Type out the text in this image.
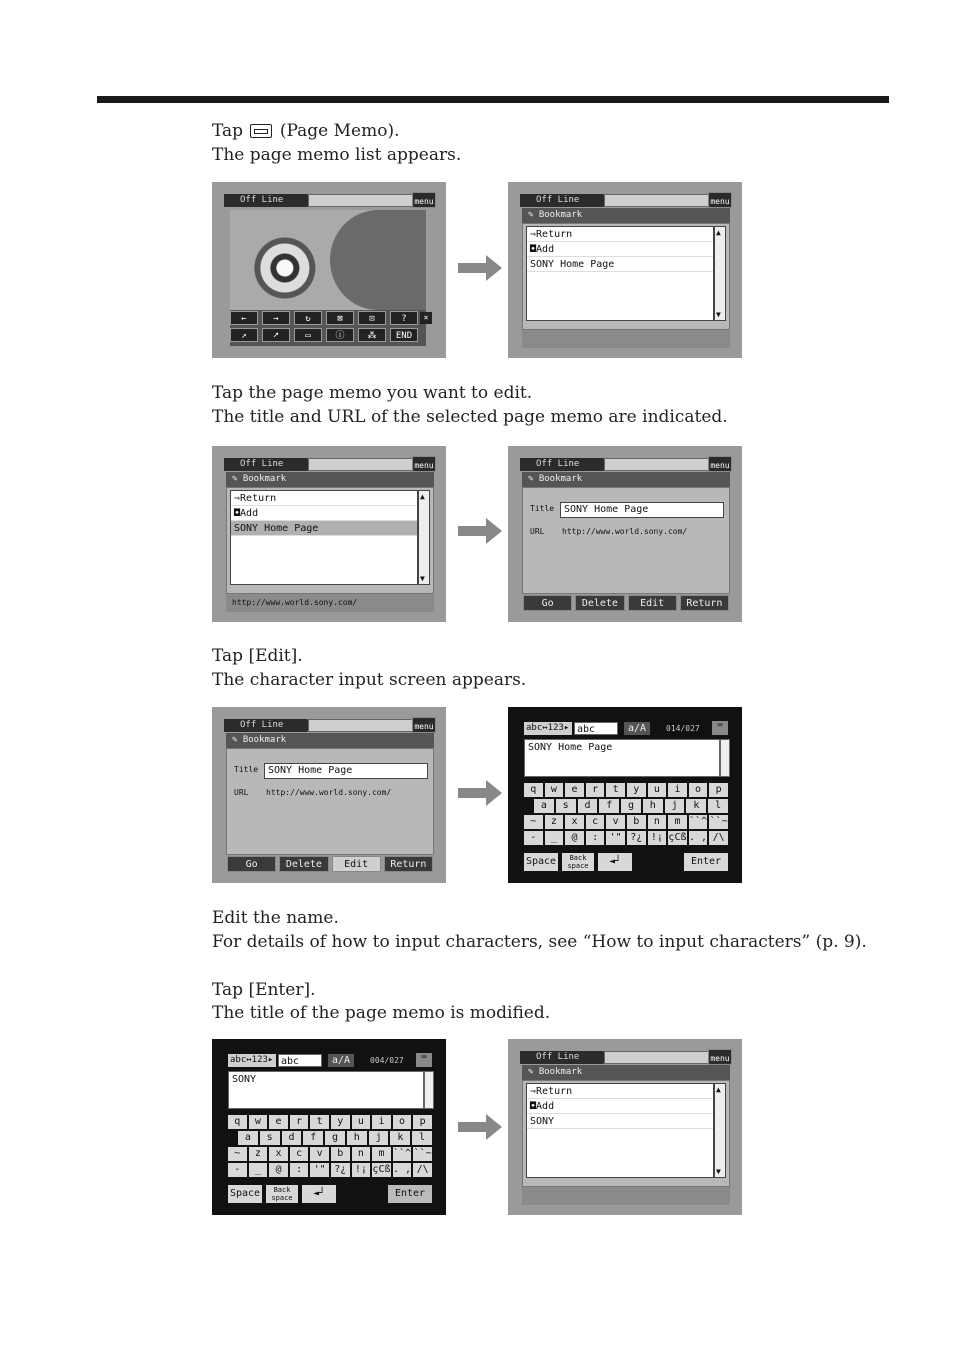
Tap (Page Memo).
The page memo list appears.
Off Line	menu
←	→	↻	⊠	⊡	?
↗	➚	▭	ⓘ	⁂	END
×
Off Line	menu
✎ Bookmark
⇒Return
◘Add
SONY Home Page
▲ ▼
Tap the page memo you want to edit.
The title and URL of the selected page memo are indicated.
Off Line	menu
✎ Bookmark
⇒Return
◘Add
SONY Home Page
▲ ▼
http://www.world.sony.com/
Off Line	menu
✎ Bookmark
Title SONY Home Page
URL http://www.world.sony.com/
Go	Delete	Edit	Return
Tap [Edit].
The character input screen appears.
Off Line	menu
✎ Bookmark
Title SONY Home Page
URL http://www.world.sony.com/
Go	Delete	Edit	Return
abc↔123▸ abc	a/A	014/027	⌨
SONY Home Page
q	w	e	r	t	y	u	i	o	p
a	s	d	f	g	h	j	k	l
~	z	x	c	v	b	n	m ``^ ``~
-	_	@	:	'" ?¿ !¡ çCß . , /\
Space	Back space	◄┘	Enter
Edit the name.
For details of how to input characters, see “How to input characters” (p. 9).
Tap [Enter].
The title of the page memo is modified.
abc↔123▸ abc	a/A	004/027	⌨
SONY
q	w	e	r	t	y	u	i	o	p
a	s	d	f	g	h	j	k	l
~	z	x	c	v	b	n	m ``^ ``~
-	_	@	:	'" ?¿ !¡ çCß . , /\
Space	Back space	◄┘	Enter
Off Line	menu
✎ Bookmark
⇒Return
◘Add
SONY
▲ ▼
